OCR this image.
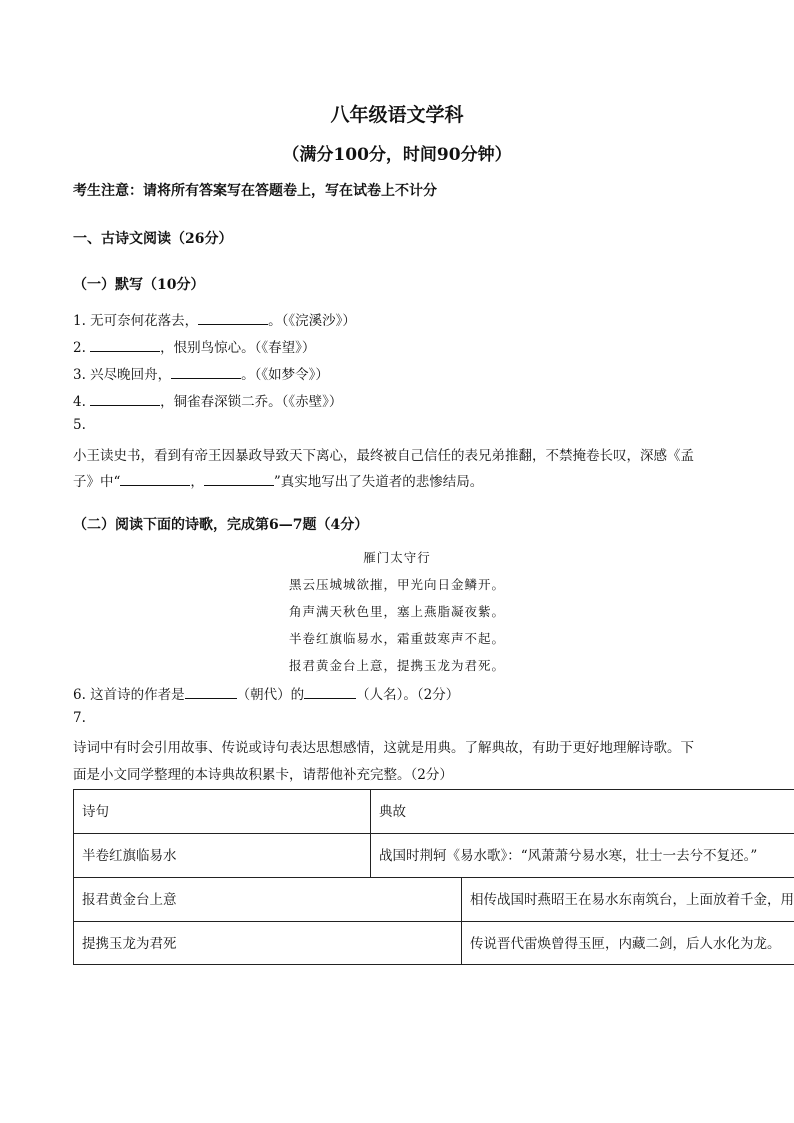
八年级语文学科
（满分100分，时间90分钟）
考生注意：请将所有答案写在答题卷上，写在试卷上不计分
一、古诗文阅读（26分）
（一）默写（10分）
1. 无可奈何花落去，	。（《浣溪沙》）
2.	，恨别鸟惊心。（《春望》）
3. 兴尽晚回舟，	。（《如梦令》）
4.	，铜雀春深锁二乔。（《赤壁》）
5.
小王读史书，看到有帝王因暴政导致天下离心，最终被自己信任的表兄弟推翻，不禁掩卷长叹，深感《孟
子》中“	，	”真实地写出了失道者的悲惨结局。
（二）阅读下面的诗歌，完成第6—7题（4分）
雁门太守行
黑云压城城欲摧，甲光向日金鳞开。
角声满天秋色里，塞上燕脂凝夜紫。
半卷红旗临易水，霜重鼓寒声不起。
报君黄金台上意，提携玉龙为君死。
6. 这首诗的作者是	（朝代）的	（人名）。（2分）
7.
诗词中有时会引用故事、传说或诗句表达思想感情，这就是用典。了解典故，有助于更好地理解诗歌。下
面是小文同学整理的本诗典故积累卡，请帮他补充完整。（2分）
诗句	典故
半卷红旗临易水	战国时荆轲《易水歌》：“风萧萧兮易水寒，壮士一去兮不复还。”
报君黄金台上意	相传战国时燕昭王在易水东南筑台，上面放着千金，用
提携玉龙为君死	传说晋代雷焕曾得玉匣，内藏二剑，后人水化为龙。
